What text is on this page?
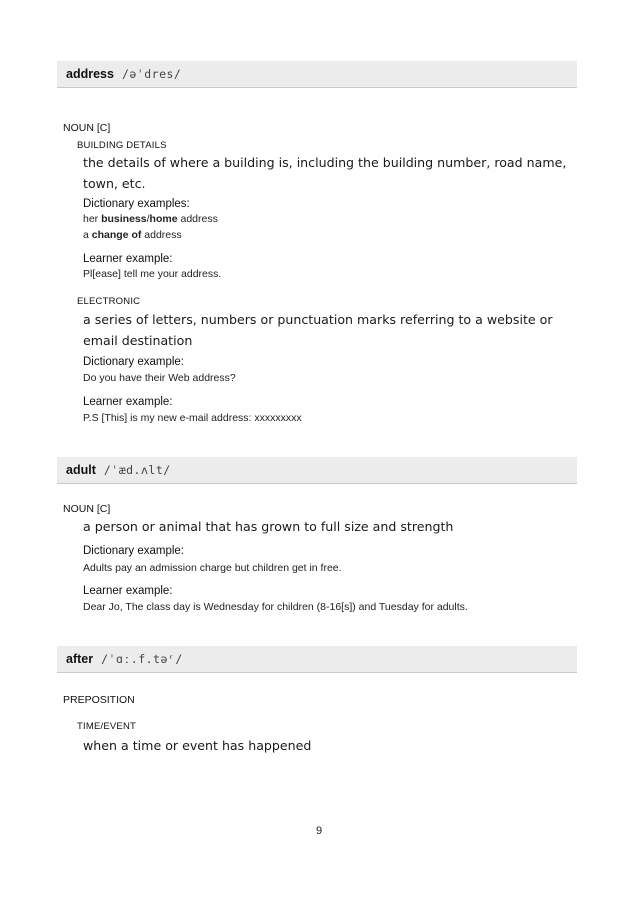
address /əˈdres/
NOUN [C]
BUILDING DETAILS
the details of where a building is, including the building number, road name, town, etc.
Dictionary examples:
her business/home address
a change of address
Learner example:
Pl[ease] tell me your address.
ELECTRONIC
a series of letters, numbers or punctuation marks referring to a website or email destination
Dictionary example:
Do you have their Web address?
Learner example:
P.S [This] is my new e-mail address: xxxxxxxxx
adult /ˈæd.ʌlt/
NOUN [C]
a person or animal that has grown to full size and strength
Dictionary example:
Adults pay an admission charge but children get in free.
Learner example:
Dear Jo, The class day is Wednesday for children (8-16[s]) and Tuesday for adults.
after /ˈɑː.f.təʳ/
PREPOSITION
TIME/EVENT
when a time or event has happened
9
